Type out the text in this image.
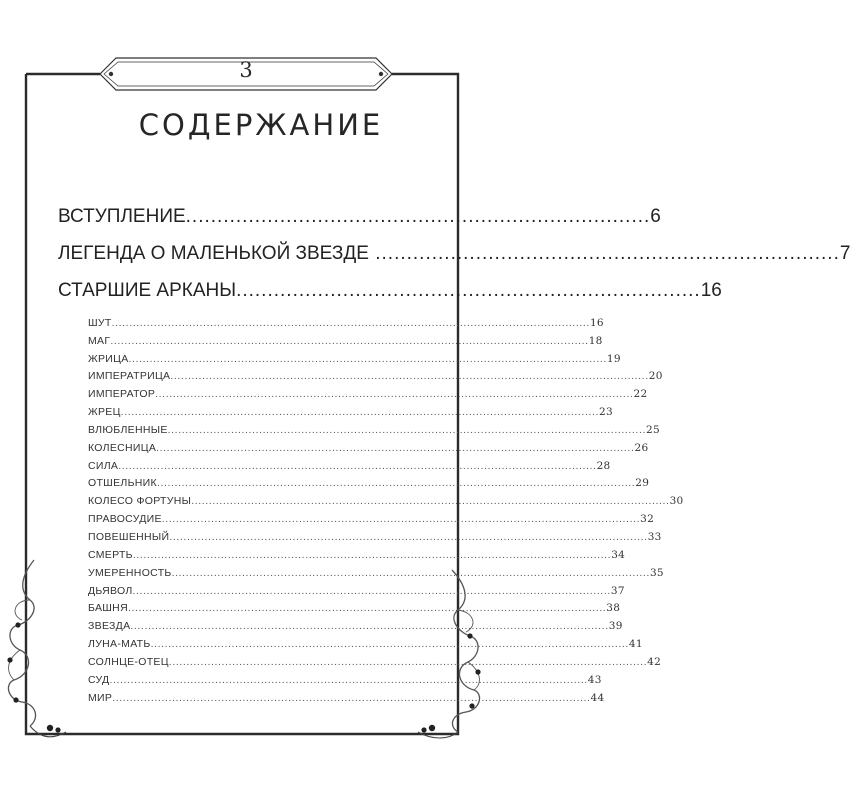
3
СОДЕРЖАНИЕ
ВСТУПЛЕНИЕ .......................................................................... 6
ЛЕГЕНДА О МАЛЕНЬКОЙ ЗВЕЗДЕ .......................................................................... 7
СТАРШИЕ АРКАНЫ .......................................................................... 16
ШУТ ........................................................................................................................................ 16
МАГ ........................................................................................................................................ 18
ЖРИЦА ........................................................................................................................................ 19
ИМПЕРАТРИЦА ........................................................................................................................................ 20
ИМПЕРАТОР ........................................................................................................................................ 22
ЖРЕЦ ........................................................................................................................................ 23
ВЛЮБЛЕННЫЕ ........................................................................................................................................ 25
КОЛЕСНИЦА ........................................................................................................................................ 26
СИЛА ........................................................................................................................................ 28
ОТШЕЛЬНИК ........................................................................................................................................ 29
КОЛЕСО ФОРТУНЫ ........................................................................................................................................ 30
ПРАВОСУДИЕ ........................................................................................................................................ 32
ПОВЕШЕННЫЙ ........................................................................................................................................ 33
СМЕРТЬ ........................................................................................................................................ 34
УМЕРЕННОСТЬ ........................................................................................................................................ 35
ДЬЯВОЛ ........................................................................................................................................ 37
БАШНЯ ........................................................................................................................................ 38
ЗВЕЗДА ........................................................................................................................................ 39
ЛУНА-МАТЬ ........................................................................................................................................ 41
СОЛНЦЕ-ОТЕЦ ........................................................................................................................................ 42
СУД ........................................................................................................................................ 43
МИР ........................................................................................................................................ 44
